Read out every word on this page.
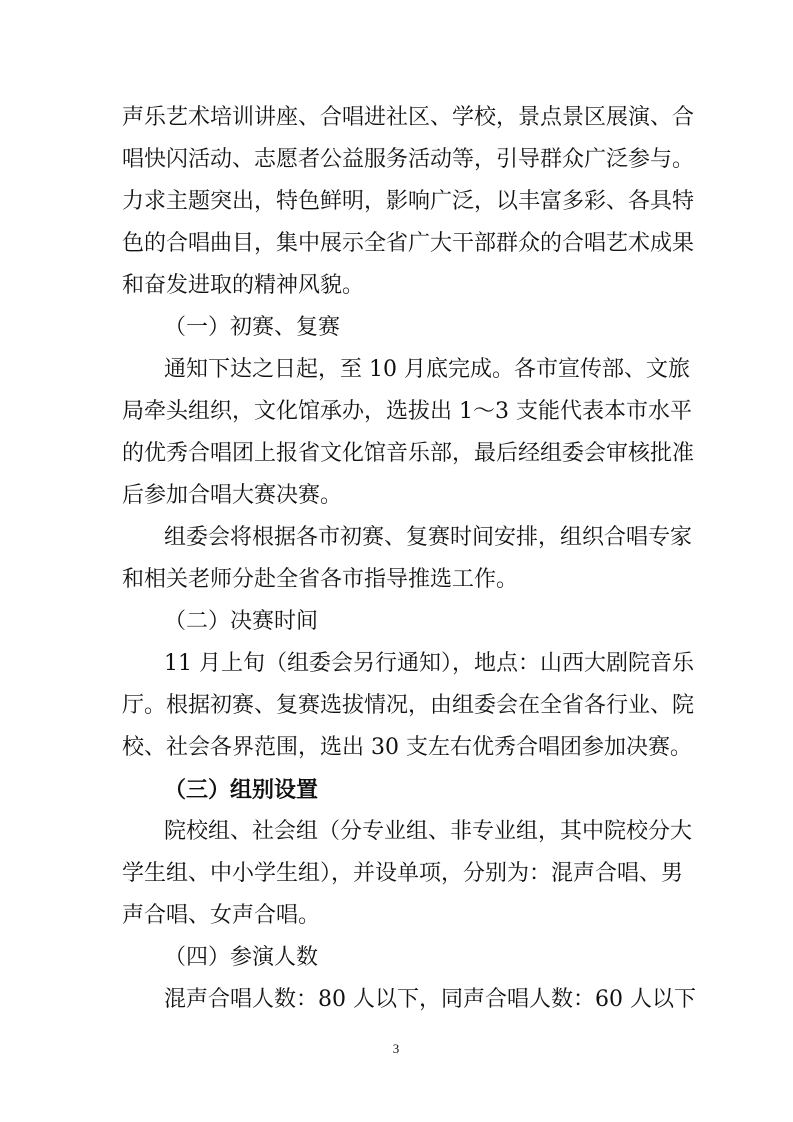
声乐艺术培训讲座、合唱进社区、学校，景点景区展演、合
唱快闪活动、志愿者公益服务活动等，引导群众广泛参与。
力求主题突出，特色鲜明，影响广泛，以丰富多彩、各具特
色的合唱曲目，集中展示全省广大干部群众的合唱艺术成果
和奋发进取的精神风貌。
（一）初赛、复赛
通知下达之日起，至 10 月底完成。各市宣传部、文旅
局牵头组织，文化馆承办，选拔出 1～3 支能代表本市水平
的优秀合唱团上报省文化馆音乐部，最后经组委会审核批准
后参加合唱大赛决赛。
组委会将根据各市初赛、复赛时间安排，组织合唱专家
和相关老师分赴全省各市指导推选工作。
（二）决赛时间
11 月上旬（组委会另行通知），地点：山西大剧院音乐
厅。根据初赛、复赛选拔情况，由组委会在全省各行业、院
校、社会各界范围，选出 30 支左右优秀合唱团参加决赛。
（三）组别设置
院校组、社会组（分专业组、非专业组，其中院校分大
学生组、中小学生组），并设单项，分别为：混声合唱、男
声合唱、女声合唱。
（四）参演人数
混声合唱人数：80 人以下，同声合唱人数：60 人以下
3
